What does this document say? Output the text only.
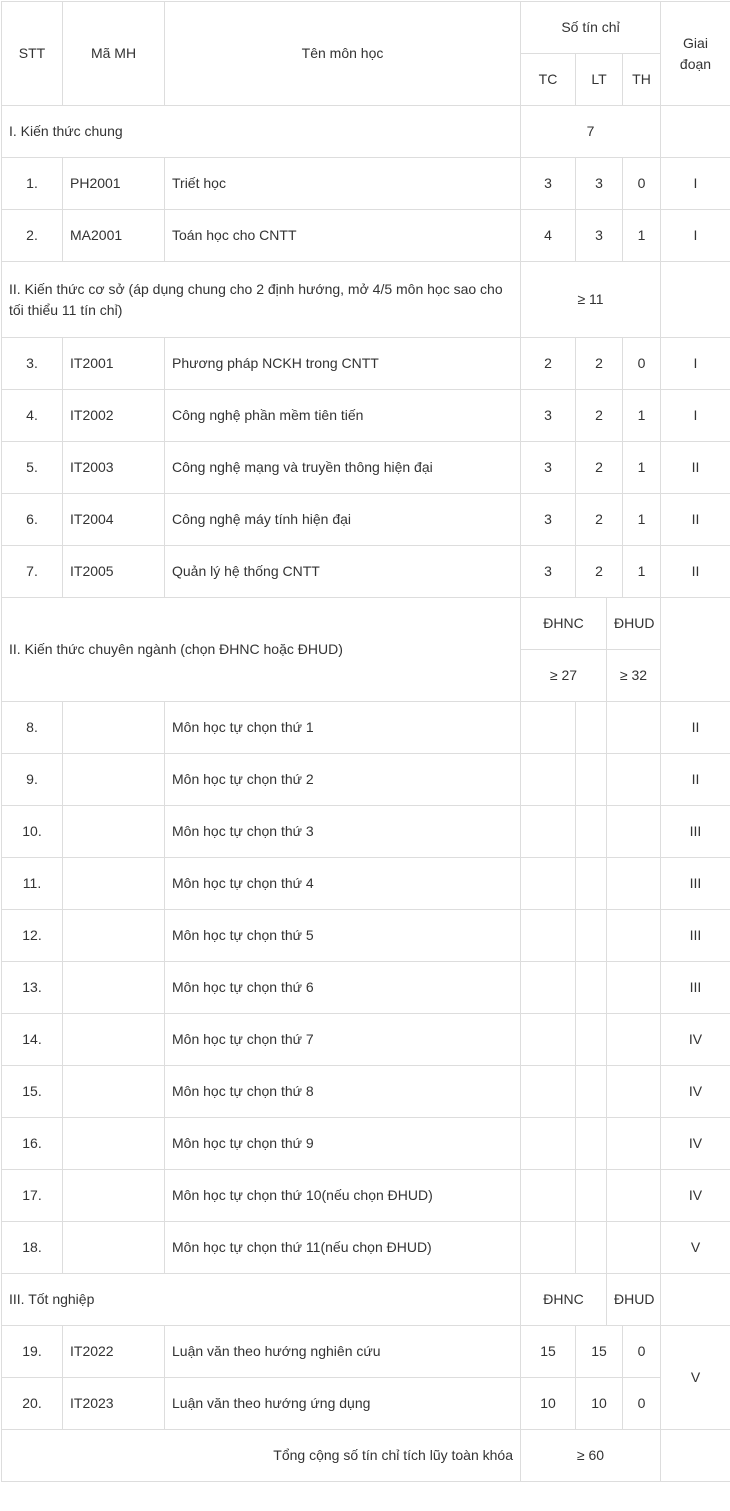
STT	Mã MH	Tên môn học	Số tín chỉ				Giai đoạn
			TC	LT		TH	
I. Kiến thức chung			7				
1.	PH2001	Triết học	3	3		0	I
2.	MA2001	Toán học cho CNTT	4	3		1	I
II. Kiến thức cơ sở (áp dụng chung cho 2 định hướng, mở 4/5 môn học sao cho tối thiểu 11 tín chỉ)			≥ 11				
3.	IT2001	Phương pháp NCKH trong CNTT	2	2		0	I
4.	IT2002	Công nghệ phần mềm tiên tiến	3	2		1	I
5.	IT2003	Công nghệ mạng và truyền thông hiện đại	3	2		1	II
6.	IT2004	Công nghệ máy tính hiện đại	3	2		1	II
7.	IT2005	Quản lý hệ thống CNTT	3	2		1	II
II. Kiến thức chuyên ngành (chọn ĐHNC hoặc ĐHUD)			ĐHNC		ĐHUD		
			≥ 27		≥ 32		
8.		Môn học tự chọn thứ 1					II
9.		Môn học tự chọn thứ 2					II
10.		Môn học tự chọn thứ 3					III
11.		Môn học tự chọn thứ 4					III
12.		Môn học tự chọn thứ 5					III
13.		Môn học tự chọn thứ 6					III
14.		Môn học tự chọn thứ 7					IV
15.		Môn học tự chọn thứ 8					IV
16.		Môn học tự chọn thứ 9					IV
17.		Môn học tự chọn thứ 10(nếu chọn ĐHUD)					IV
18.		Môn học tự chọn thứ 11(nếu chọn ĐHUD)					V
III. Tốt nghiệp			ĐHNC		ĐHUD		
19.	IT2022	Luận văn theo hướng nghiên cứu	15	15		0	V
20.	IT2023	Luận văn theo hướng ứng dụng	10	10		0	
Tổng cộng số tín chỉ tích lũy toàn khóa			≥ 60				
